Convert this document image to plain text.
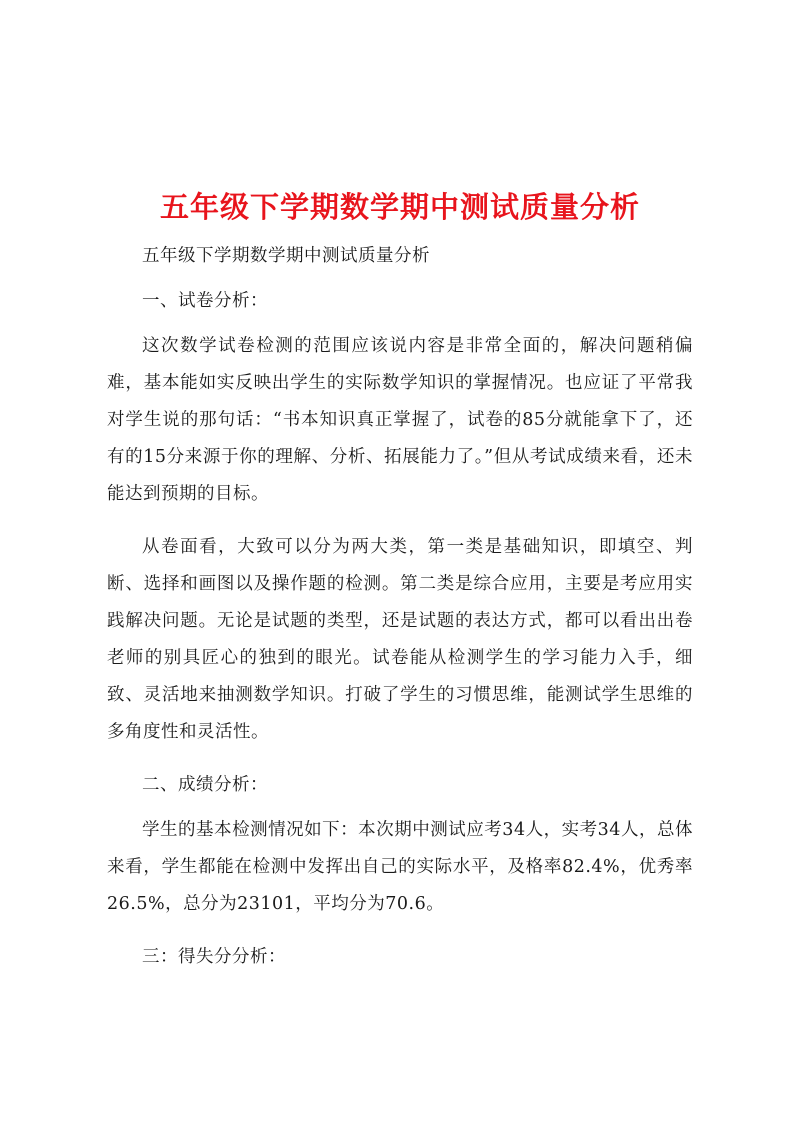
五年级下学期数学期中测试质量分析

五年级下学期数学期中测试质量分析

一、试卷分析：

这次数学试卷检测的范围应该说内容是非常全面的，解决问题稍偏难，基本能如实反映出学生的实际数学知识的掌握情况。也应证了平常我对学生说的那句话：“书本知识真正掌握了，试卷的85分就能拿下了，还有的15分来源于你的理解、分析、拓展能力了。”但从考试成绩来看，还未能达到预期的目标。

从卷面看，大致可以分为两大类，第一类是基础知识，即填空、判断、选择和画图以及操作题的检测。第二类是综合应用，主要是考应用实践解决问题。无论是试题的类型，还是试题的表达方式，都可以看出出卷老师的别具匠心的独到的眼光。试卷能从检测学生的学习能力入手，细致、灵活地来抽测数学知识。打破了学生的习惯思维，能测试学生思维的多角度性和灵活性。

二、成绩分析：

学生的基本检测情况如下：本次期中测试应考34人，实考34人，总体来看，学生都能在检测中发挥出自己的实际水平，及格率82.4%，优秀率26.5%，总分为23101，平均分为70.6。

三：得失分分析：
